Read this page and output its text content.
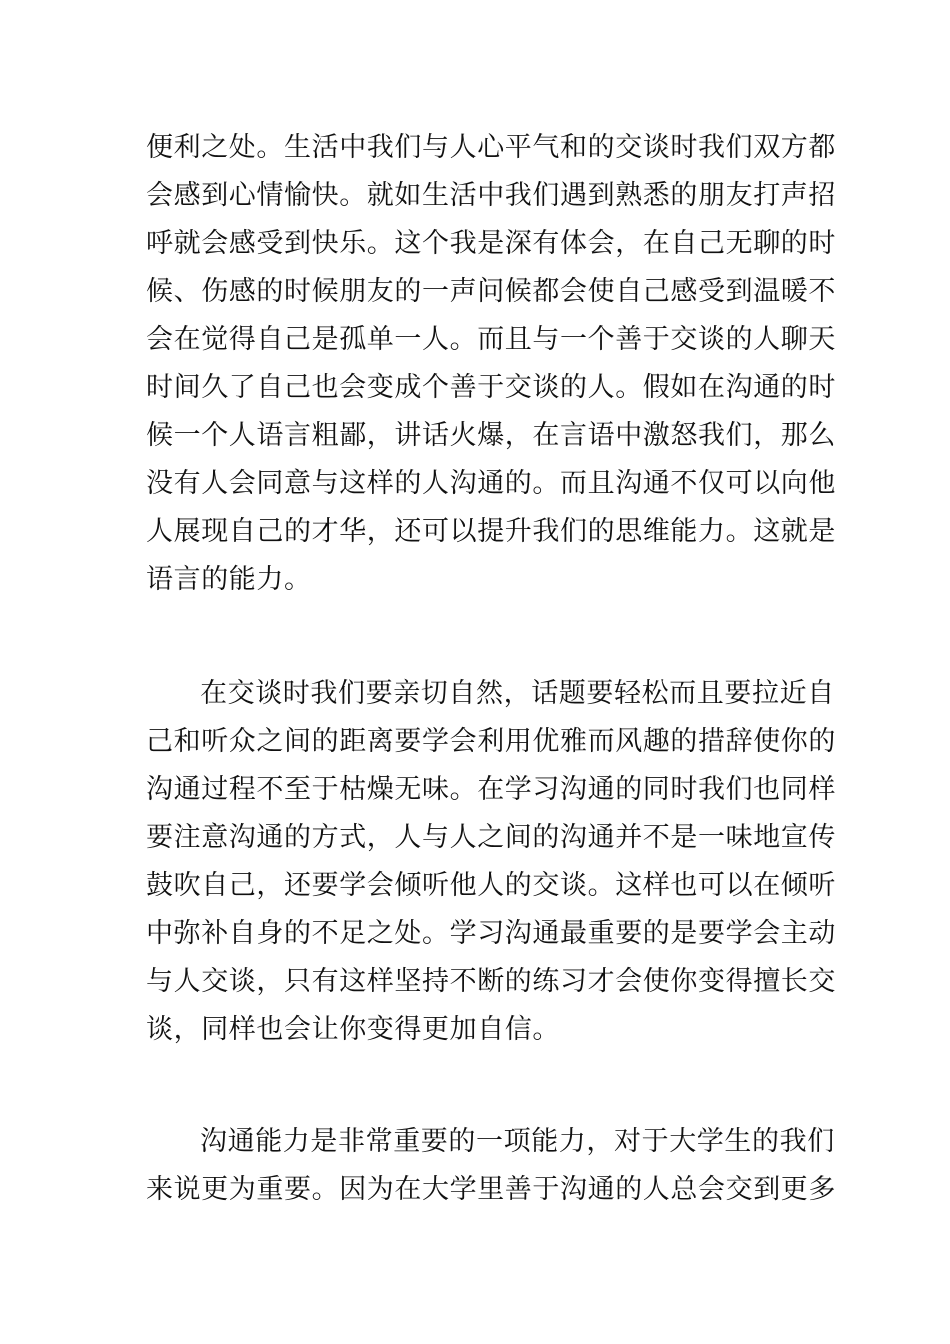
便利之处。生活中我们与人心平气和的交谈时我们双方都
会感到心情愉快。就如生活中我们遇到熟悉的朋友打声招
呼就会感受到快乐。这个我是深有体会，在自己无聊的时
候、伤感的时候朋友的一声问候都会使自己感受到温暖不
会在觉得自己是孤单一人。而且与一个善于交谈的人聊天
时间久了自己也会变成个善于交谈的人。假如在沟通的时
候一个人语言粗鄙，讲话火爆，在言语中激怒我们，那么
没有人会同意与这样的人沟通的。而且沟通不仅可以向他
人展现自己的才华，还可以提升我们的思维能力。这就是
语言的能力。
在交谈时我们要亲切自然，话题要轻松而且要拉近自
己和听众之间的距离要学会利用优雅而风趣的措辞使你的
沟通过程不至于枯燥无味。在学习沟通的同时我们也同样
要注意沟通的方式，人与人之间的沟通并不是一味地宣传
鼓吹自己，还要学会倾听他人的交谈。这样也可以在倾听
中弥补自身的不足之处。学习沟通最重要的是要学会主动
与人交谈，只有这样坚持不断的练习才会使你变得擅长交
谈，同样也会让你变得更加自信。
沟通能力是非常重要的一项能力，对于大学生的我们
来说更为重要。因为在大学里善于沟通的人总会交到更多
